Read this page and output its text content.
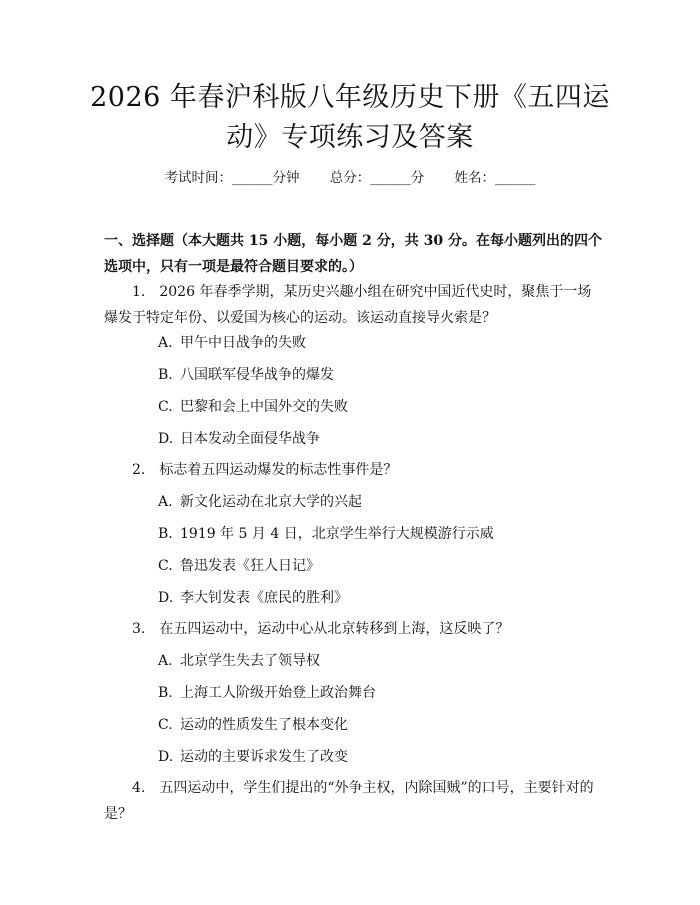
2026 年春沪科版八年级历史下册《五四运
动》专项练习及答案
考试时间：______分钟 总分：______分 姓名：______
一、选择题（本大题共 15 小题，每小题 2 分，共 30 分。在每小题列出的四个选项中，只有一项是最符合题目要求的。）
1. 2026 年春季学期，某历史兴趣小组在研究中国近代史时，聚焦于一场爆发于特定年份、以爱国为核心的运动。该运动直接导火索是？
A. 甲午中日战争的失败
B. 八国联军侵华战争的爆发
C. 巴黎和会上中国外交的失败
D. 日本发动全面侵华战争
2. 标志着五四运动爆发的标志性事件是？
A. 新文化运动在北京大学的兴起
B. 1919 年 5 月 4 日，北京学生举行大规模游行示威
C. 鲁迅发表《狂人日记》
D. 李大钊发表《庶民的胜利》
3. 在五四运动中，运动中心从北京转移到上海，这反映了？
A. 北京学生失去了领导权
B. 上海工人阶级开始登上政治舞台
C. 运动的性质发生了根本变化
D. 运动的主要诉求发生了改变
4. 五四运动中，学生们提出的“外争主权，内除国贼”的口号，主要针对的是？
